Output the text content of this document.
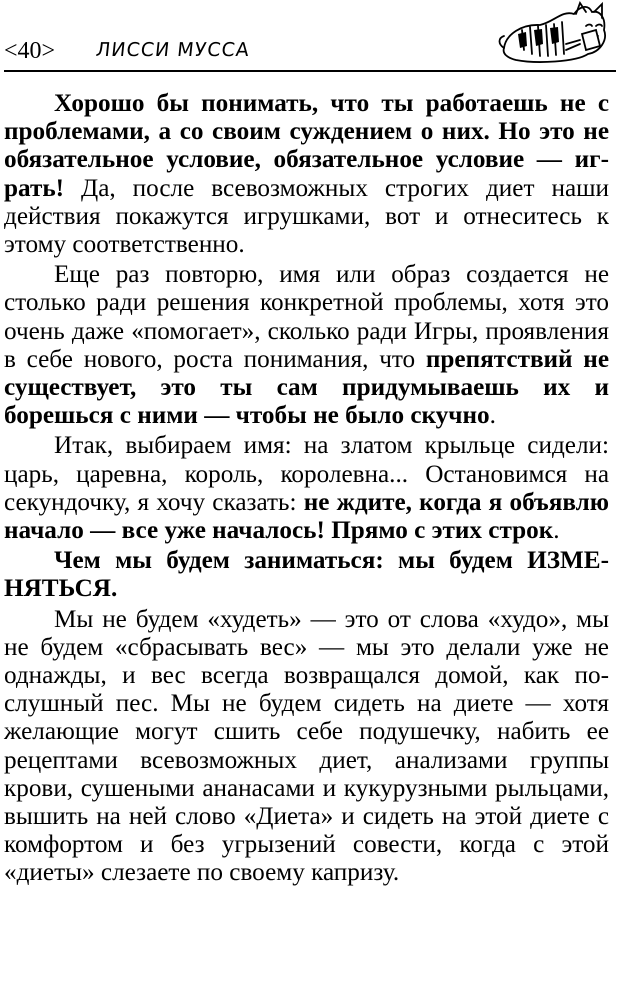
<40> ЛИССИ МУССА

Хорошо бы понимать, что ты работаешь не с проблемами, а со своим суждением о них. Но это не обязательное условие, обязательное условие — играть! Да, после всевозможных строгих диет наши действия покажутся игрушками, вот и отнеситесь к этому соответственно.

Еще раз повторю, имя или образ создается не столько ради решения конкретной проблемы, хотя это очень даже «помогает», сколько ради Игры, проявления в себе нового, роста понимания, что препятствий не существует, это ты сам придумываешь их и борешься с ними — чтобы не было скучно.

Итак, выбираем имя: на златом крыльце сидели: царь, царевна, король, королевна... Остановимся на секундочку, я хочу сказать: не ждите, когда я объявлю начало — все уже началось! Прямо с этих строк.

Чем мы будем заниматься: мы будем ИЗМЕНЯТЬСЯ.

Мы не будем «худеть» — это от слова «худо», мы не будем «сбрасывать вес» — мы это делали уже не однажды, и вес всегда возвращался домой, как послушный пес. Мы не будем сидеть на диете — хотя желающие могут сшить себе подушечку, набить ее рецептами всевозможных диет, анализами группы крови, сушеными ананасами и кукурузными рыльцами, вышить на ней слово «Диета» и сидеть на этой диете с комфортом и без угрызений совести, когда с этой «диеты» слезаете по своему капризу.
